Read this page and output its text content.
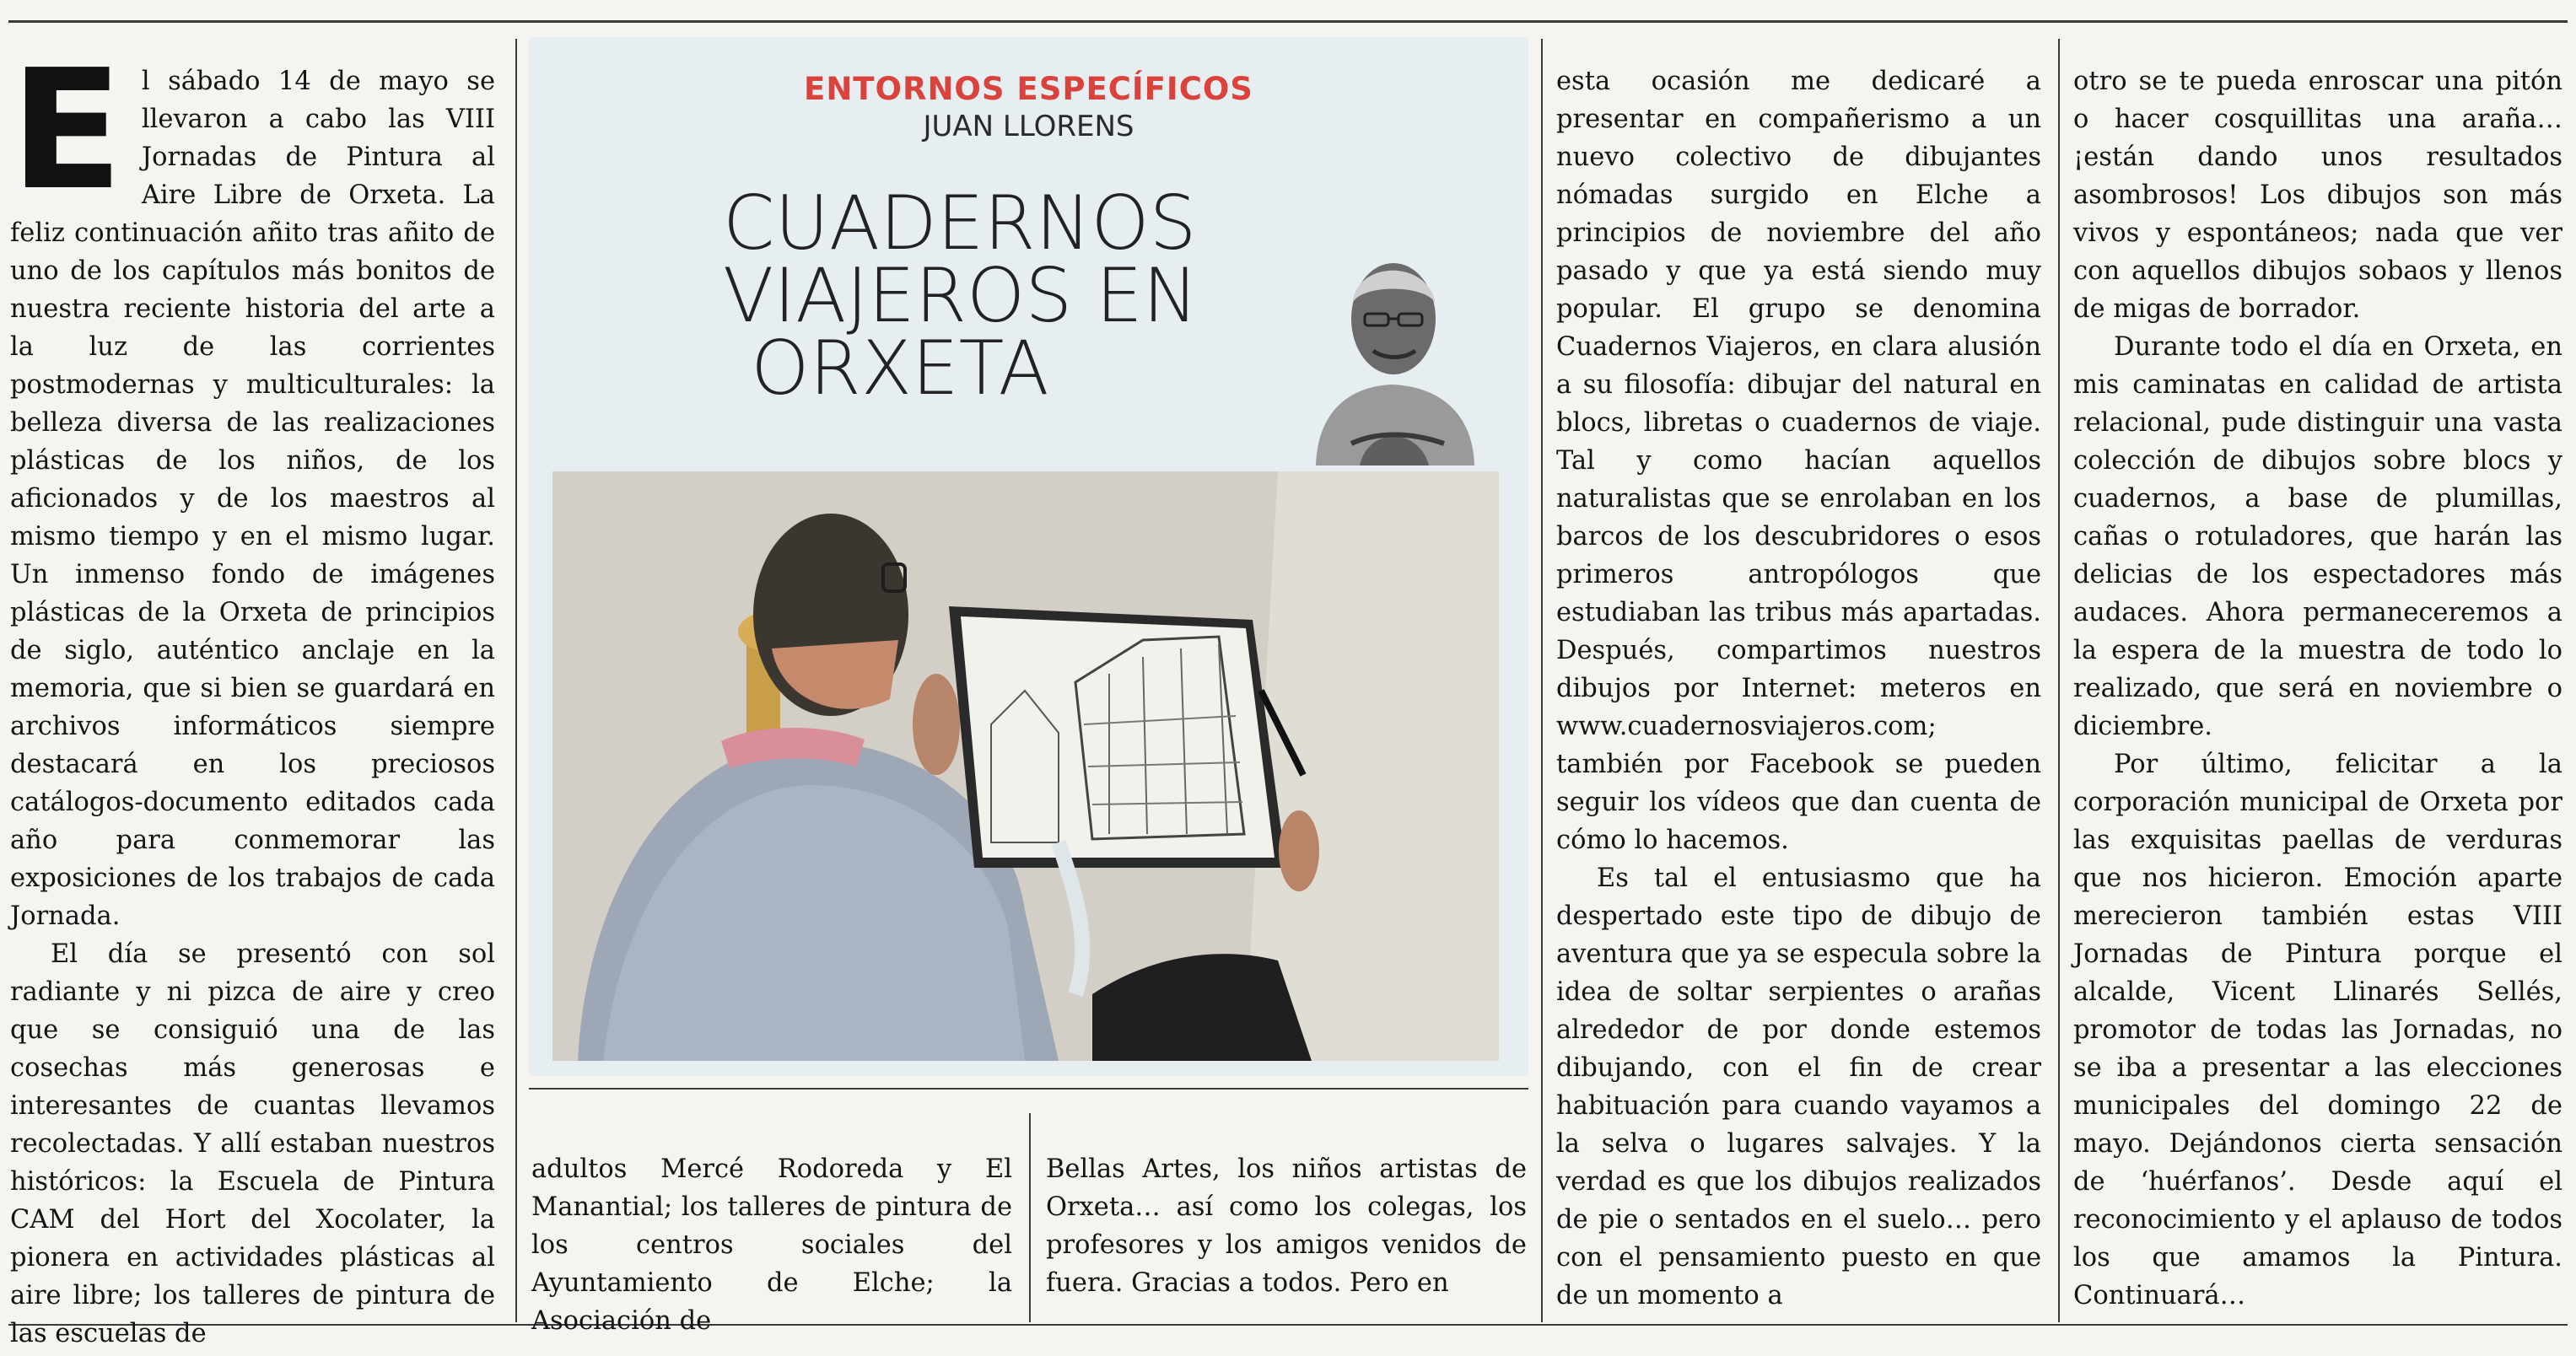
E l sábado 14 de mayo se llevaron a cabo las VIII Jornadas de Pintura al Aire Libre de Orxeta. La feliz continuación añito tras añito de uno de los capítulos más bonitos de nuestra reciente historia del arte a la luz de las corrientes postmodernas y multiculturales: la belleza diversa de las realizaciones plásticas de los niños, de los aficionados y de los maestros al mismo tiempo y en el mismo lugar. Un inmenso fondo de imágenes plásticas de la Orxeta de principios de siglo, auténtico anclaje en la memoria, que si bien se guardará en archivos informáticos siempre destacará en los preciosos catálogos-documento editados cada año para conmemorar las exposiciones de los trabajos de cada Jornada.

El día se presentó con sol radiante y ni pizca de aire y creo que se consiguió una de las cosechas más generosas e interesantes de cuantas llevamos recolectadas. Y allí estaban nuestros históricos: la Escuela de Pintura CAM del Hort del Xocolater, la pionera en actividades plásticas al aire libre; los talleres de pintura de las escuelas de

ENTORNOS ESPECÍFICOS
JUAN LLORENS
CUADERNOS
VIAJEROS EN
ORXETA

adultos Mercé Rodoreda y El Manantial; los talleres de pintura de los centros sociales del Ayuntamiento de Elche; la Asociación de

Bellas Artes, los niños artistas de Orxeta… así como los colegas, los profesores y los amigos venidos de fuera. Gracias a todos. Pero en

esta ocasión me dedicaré a presentar en compañerismo a un nuevo colectivo de dibujantes nómadas surgido en Elche a principios de noviembre del año pasado y que ya está siendo muy popular. El grupo se denomina Cuadernos Viajeros, en clara alusión a su filosofía: dibujar del natural en blocs, libretas o cuadernos de viaje. Tal y como hacían aquellos naturalistas que se enrolaban en los barcos de los descubridores o esos primeros antropólogos que estudiaban las tribus más apartadas. Después, compartimos nuestros dibujos por Internet: meteros en www.cuadernosviajeros.com; también por Facebook se pueden seguir los vídeos que dan cuenta de cómo lo hacemos.

Es tal el entusiasmo que ha despertado este tipo de dibujo de aventura que ya se especula sobre la idea de soltar serpientes o arañas alrededor de por donde estemos dibujando, con el fin de crear habituación para cuando vayamos a la selva o lugares salvajes. Y la verdad es que los dibujos realizados de pie o sentados en el suelo… pero con el pensamiento puesto en que de un momento a

otro se te pueda enroscar una pitón o hacer cosquillitas una araña… ¡están dando unos resultados asombrosos! Los dibujos son más vivos y espontáneos; nada que ver con aquellos dibujos sobaos y llenos de migas de borrador.

Durante todo el día en Orxeta, en mis caminatas en calidad de artista relacional, pude distinguir una vasta colección de dibujos sobre blocs y cuadernos, a base de plumillas, cañas o rotuladores, que harán las delicias de los espectadores más audaces. Ahora permaneceremos a la espera de la muestra de todo lo realizado, que será en noviembre o diciembre.

Por último, felicitar a la corporación municipal de Orxeta por las exquisitas paellas de verduras que nos hicieron. Emoción aparte merecieron también estas VIII Jornadas de Pintura porque el alcalde, Vicent Llinarés Sellés, promotor de todas las Jornadas, no se iba a presentar a las elecciones municipales del domingo 22 de mayo. Dejándonos cierta sensación de ‘huérfanos’. Desde aquí el reconocimiento y el aplauso de todos los que amamos la Pintura. Continuará…
